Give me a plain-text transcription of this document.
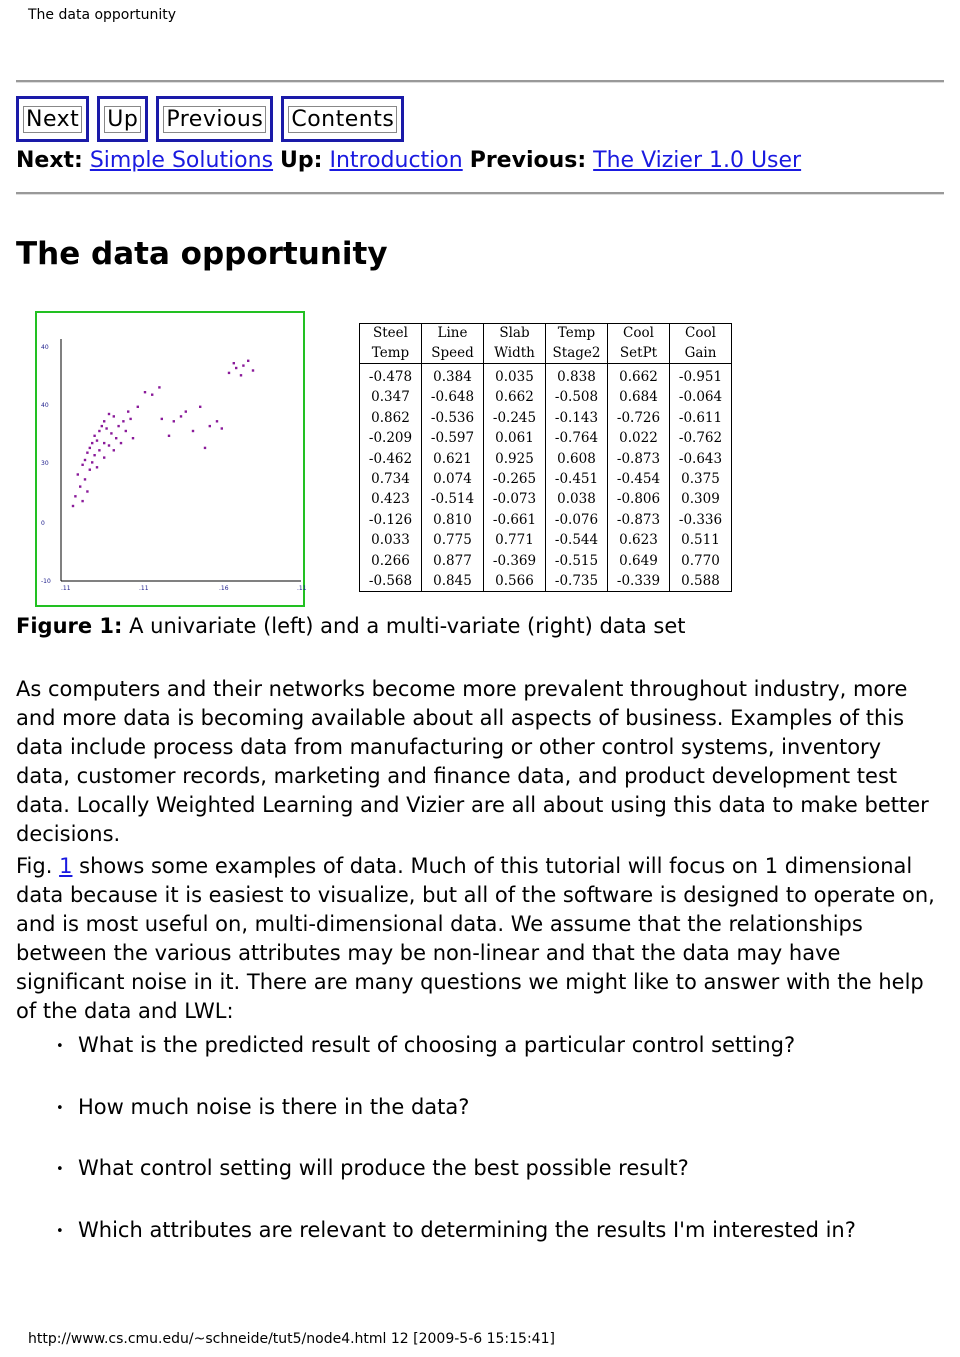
The data opportunity
Next Up Previous Contents
Next: Simple Solutions Up: Introduction Previous: The Vizier 1.0 User
The data opportunity
40
40
30
0
-10
.11	.11	.16	.11
Steel	Line	Slab	Temp	Cool	Cool
Temp	Speed	Width	Stage2	SetPt	Gain
-0.478	0.384	0.035	0.838	0.662	-0.951
0.347	-0.648	0.662	-0.508	0.684	-0.064
0.862	-0.536	-0.245	-0.143	-0.726	-0.611
-0.209	-0.597	0.061	-0.764	0.022	-0.762
-0.462	0.621	0.925	0.608	-0.873	-0.643
0.734	0.074	-0.265	-0.451	-0.454	0.375
0.423	-0.514	-0.073	0.038	-0.806	0.309
-0.126	0.810	-0.661	-0.076	-0.873	-0.336
0.033	0.775	0.771	-0.544	0.623	0.511
0.266	0.877	-0.369	-0.515	0.649	0.770
-0.568	0.845	0.566	-0.735	-0.339	0.588
Figure 1: A univariate (left) and a multi-variate (right) data set

As computers and their networks become more prevalent throughout industry, more and more data is becoming available about all aspects of business. Examples of this data include process data from manufacturing or other control systems, inventory data, customer records, marketing and finance data, and product development test data. Locally Weighted Learning and Vizier are all about using this data to make better decisions.

Fig. 1 shows some examples of data. Much of this tutorial will focus on 1 dimensional data because it is easiest to visualize, but all of the software is designed to operate on, and is most useful on, multi-dimensional data. We assume that the relationships between the various attributes may be non-linear and that the data may have significant noise in it. There are many questions we might like to answer with the help of the data and LWL:

• What is the predicted result of choosing a particular control setting?
• How much noise is there in the data?
• What control setting will produce the best possible result?
• Which attributes are relevant to determining the results I'm interested in?
http://www.cs.cmu.edu/~schneide/tut5/node4.html 12 [2009-5-6 15:15:41]
